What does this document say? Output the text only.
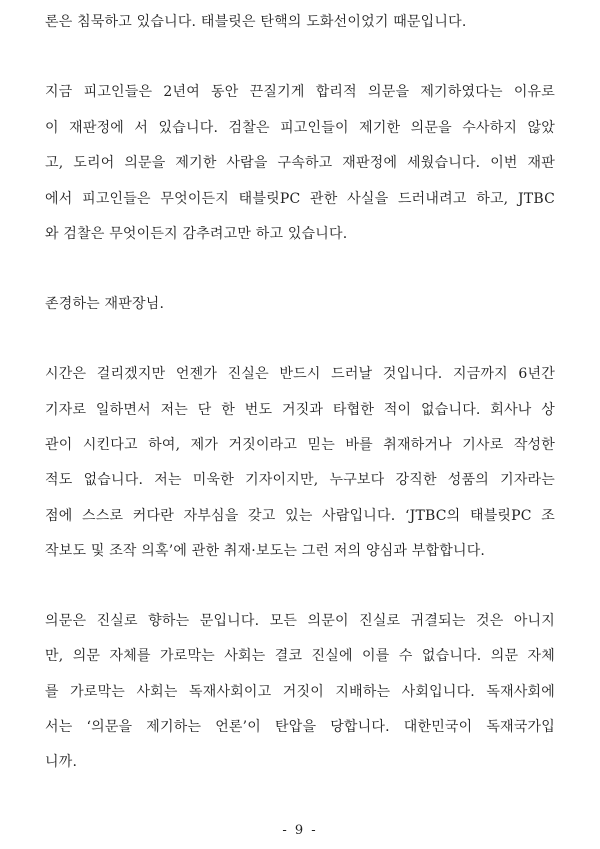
론은 침묵하고 있습니다. 태블릿은 탄핵의 도화선이었기 때문입니다.
지금 피고인들은 2년여 동안 끈질기게 합리적 의문을 제기하였다는 이유로
이 재판정에 서 있습니다. 검찰은 피고인들이 제기한 의문을 수사하지 않았
고, 도리어 의문을 제기한 사람을 구속하고 재판정에 세웠습니다. 이번 재판
에서 피고인들은 무엇이든지 태블릿PC 관한 사실을 드러내려고 하고, JTBC
와 검찰은 무엇이든지 감추려고만 하고 있습니다.
존경하는 재판장님.
시간은 걸리겠지만 언젠가 진실은 반드시 드러날 것입니다. 지금까지 6년간
기자로 일하면서 저는 단 한 번도 거짓과 타협한 적이 없습니다. 회사나 상
관이 시킨다고 하여, 제가 거짓이라고 믿는 바를 취재하거나 기사로 작성한
적도 없습니다. 저는 미욱한 기자이지만, 누구보다 강직한 성품의 기자라는
점에 스스로 커다란 자부심을 갖고 있는 사람입니다. ‘JTBC의 태블릿PC 조
작보도 및 조작 의혹’에 관한 취재·보도는 그런 저의 양심과 부합합니다.
의문은 진실로 향하는 문입니다. 모든 의문이 진실로 귀결되는 것은 아니지
만, 의문 자체를 가로막는 사회는 결코 진실에 이를 수 없습니다. 의문 자체
를 가로막는 사회는 독재사회이고 거짓이 지배하는 사회입니다. 독재사회에
서는 ‘의문을 제기하는 언론’이 탄압을 당합니다. 대한민국이 독재국가입
니까.
- 9 -
